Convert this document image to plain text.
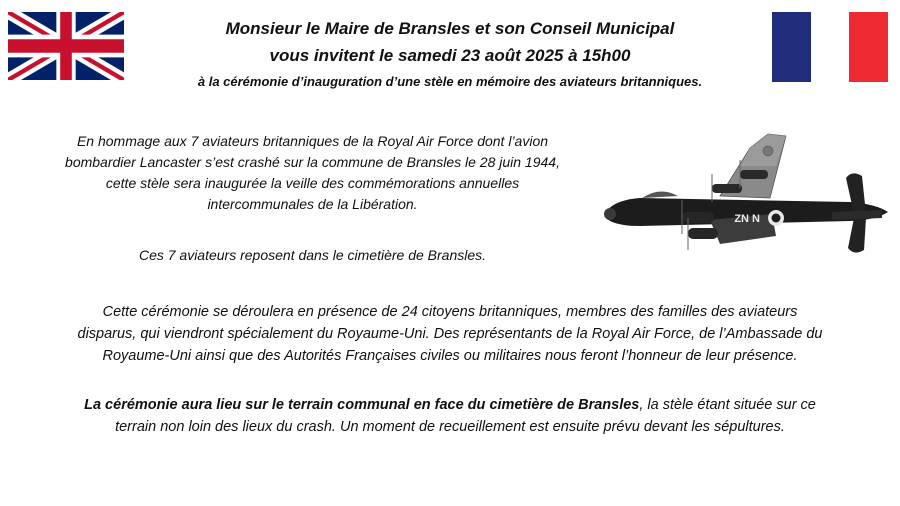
Monsieur le Maire de Bransles et son Conseil Municipal
vous invitent le samedi 23 août 2025 à 15h00
à la cérémonie d’inauguration d’une stèle en mémoire des aviateurs britanniques.
En hommage aux 7 aviateurs britanniques de la Royal Air Force dont l’avion
bombardier Lancaster s’est crashé sur la commune de Bransles le 28 juin 1944,
cette stèle sera inaugurée la veille des commémorations annuelles
intercommunales de la Libération.
Ces 7 aviateurs reposent dans le cimetière de Bransles.
ZN N
Cette cérémonie se déroulera en présence de 24 citoyens britanniques, membres des familles des aviateurs
disparus, qui viendront spécialement du Royaume-Uni. Des représentants de la Royal Air Force, de l’Ambassade du
Royaume-Uni ainsi que des Autorités Françaises civiles ou militaires nous feront l’honneur de leur présence.
La cérémonie aura lieu sur le terrain communal en face du cimetière de Bransles, la stèle étant située sur ce
terrain non loin des lieux du crash. Un moment de recueillement est ensuite prévu devant les sépultures.
